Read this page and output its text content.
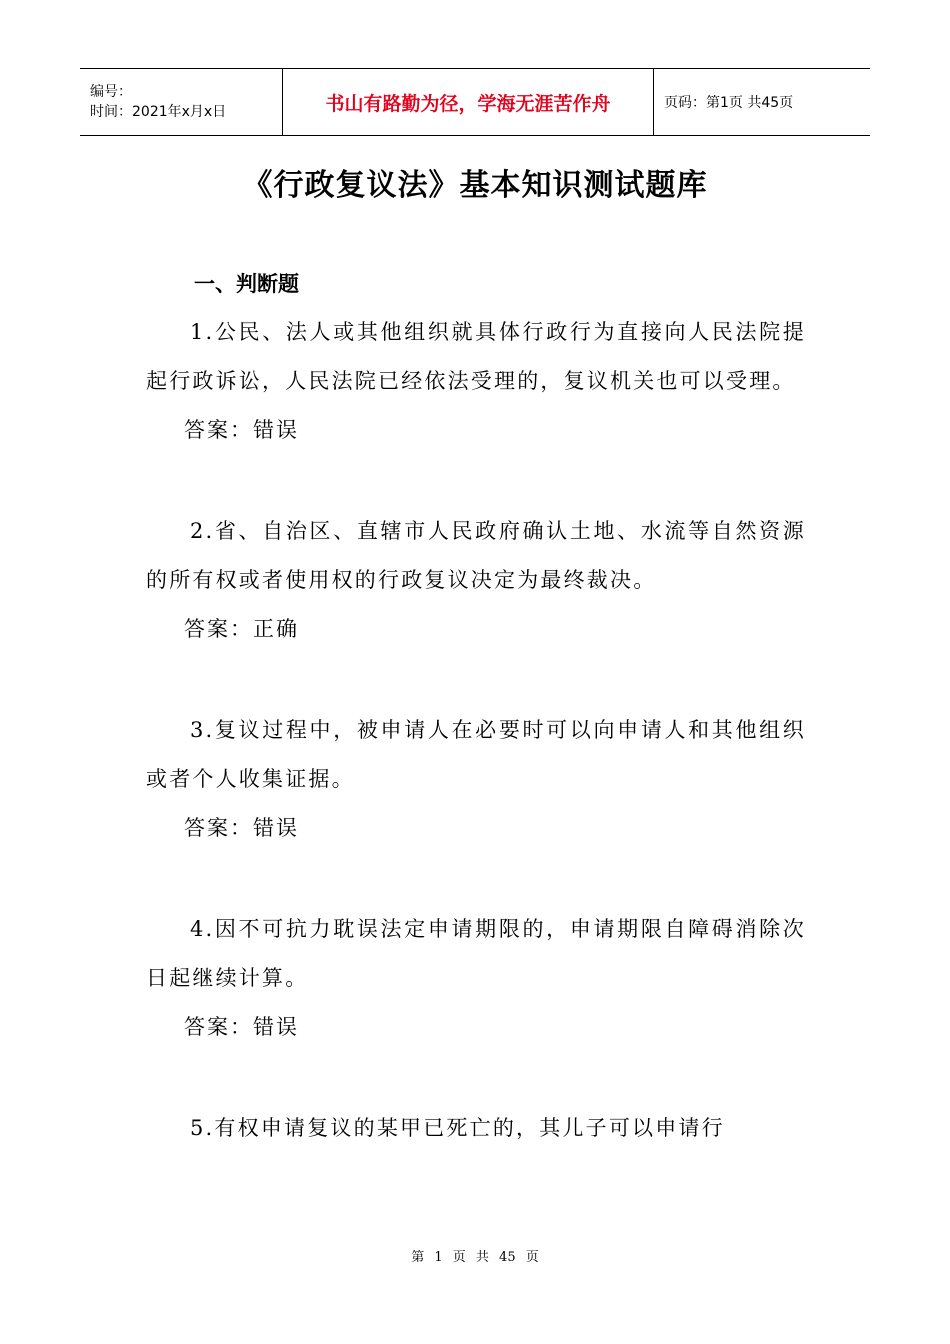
编号：
时间：2021年x月x日	书山有路勤为径，学海无涯苦作舟	页码：第1页 共45页
《行政复议法》基本知识测试题库
一、判断题

1.公民、法人或其他组织就具体行政行为直接向人民法院提起行政诉讼，人民法院已经依法受理的，复议机关也可以受理。

答案：错误

2.省、自治区、直辖市人民政府确认土地、水流等自然资源的所有权或者使用权的行政复议决定为最终裁决。

答案：正确

3.复议过程中，被申请人在必要时可以向申请人和其他组织或者个人收集证据。

答案：错误

4.因不可抗力耽误法定申请期限的，申请期限自障碍消除次日起继续计算。

答案：错误

5.有权申请复议的某甲已死亡的，其儿子可以申请行

第 1 页 共 45 页
